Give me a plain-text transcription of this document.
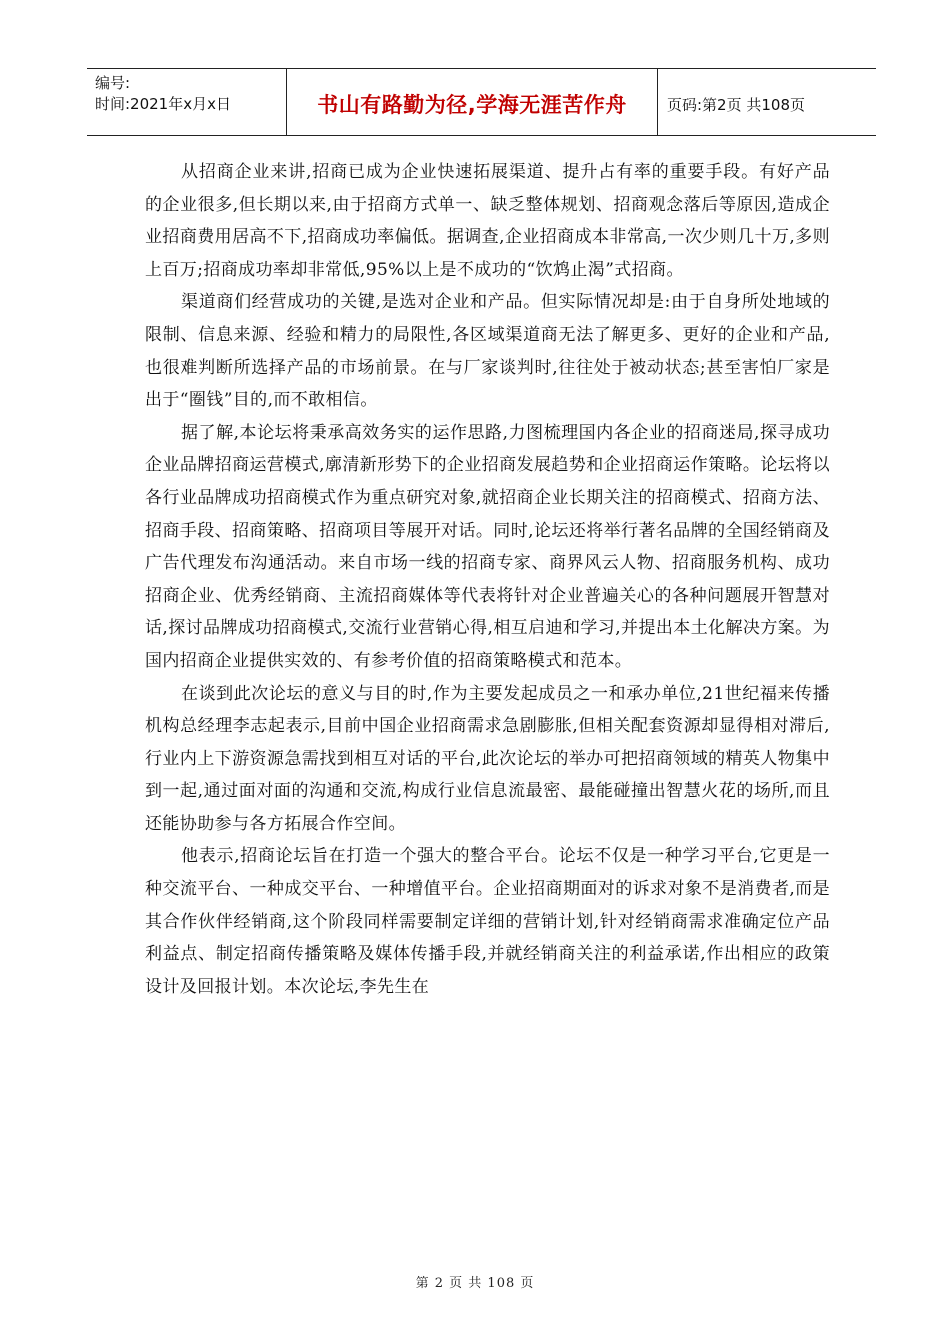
编号:
时间:2021年x月x日	书山有路勤为径,学海无涯苦作舟	页码:第2页 共108页

从招商企业来讲,招商已成为企业快速拓展渠道、提升占有率的重要手段。有好产品的企业很多,但长期以来,由于招商方式单一、缺乏整体规划、招商观念落后等原因,造成企业招商费用居高不下,招商成功率偏低。据调查,企业招商成本非常高,一次少则几十万,多则上百万;招商成功率却非常低,95%以上是不成功的“饮鸩止渴”式招商。

渠道商们经营成功的关键,是选对企业和产品。但实际情况却是:由于自身所处地域的限制、信息来源、经验和精力的局限性,各区域渠道商无法了解更多、更好的企业和产品,也很难判断所选择产品的市场前景。在与厂家谈判时,往往处于被动状态;甚至害怕厂家是出于“圈钱”目的,而不敢相信。

据了解,本论坛将秉承高效务实的运作思路,力图梳理国内各企业的招商迷局,探寻成功企业品牌招商运营模式,廓清新形势下的企业招商发展趋势和企业招商运作策略。论坛将以各行业品牌成功招商模式作为重点研究对象,就招商企业长期关注的招商模式、招商方法、招商手段、招商策略、招商项目等展开对话。同时,论坛还将举行著名品牌的全国经销商及广告代理发布沟通活动。来自市场一线的招商专家、商界风云人物、招商服务机构、成功招商企业、优秀经销商、主流招商媒体等代表将针对企业普遍关心的各种问题展开智慧对话,探讨品牌成功招商模式,交流行业营销心得,相互启迪和学习,并提出本土化解决方案。为国内招商企业提供实效的、有参考价值的招商策略模式和范本。

在谈到此次论坛的意义与目的时,作为主要发起成员之一和承办单位,21世纪福来传播机构总经理李志起表示,目前中国企业招商需求急剧膨胀,但相关配套资源却显得相对滞后,行业内上下游资源急需找到相互对话的平台,此次论坛的举办可把招商领域的精英人物集中到一起,通过面对面的沟通和交流,构成行业信息流最密、最能碰撞出智慧火花的场所,而且还能协助参与各方拓展合作空间。

他表示,招商论坛旨在打造一个强大的整合平台。论坛不仅是一种学习平台,它更是一种交流平台、一种成交平台、一种增值平台。企业招商期面对的诉求对象不是消费者,而是其合作伙伴经销商,这个阶段同样需要制定详细的营销计划,针对经销商需求准确定位产品利益点、制定招商传播策略及媒体传播手段,并就经销商关注的利益承诺,作出相应的政策设计及回报计划。本次论坛,李先生在

第 2 页 共 108 页
